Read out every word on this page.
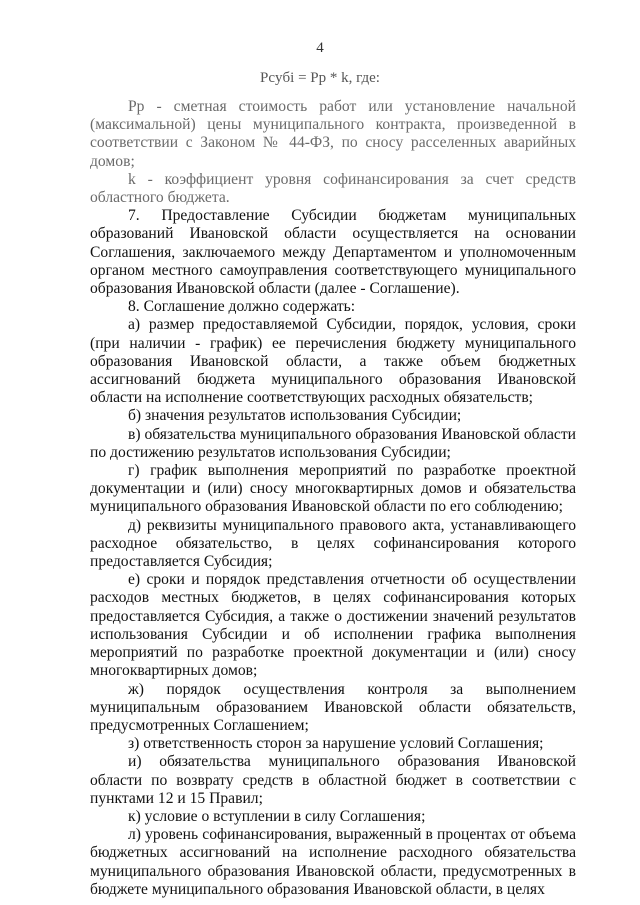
4
Pcyбi = Pp * k, где:

Pp - сметная стоимость работ или установление начальной (максимальной) цены муниципального контракта, произведенной в соответствии с Законом № 44-ФЗ, по сносу расселенных аварийных домов;

k - коэффициент уровня софинансирования за счет средств областного бюджета.

7. Предоставление Субсидии бюджетам муниципальных образований Ивановской области осуществляется на основании Соглашения, заключаемого между Департаментом и уполномоченным органом местного самоуправления соответствующего муниципального образования Ивановской области (далее - Соглашение).

8. Соглашение должно содержать:

а) размер предоставляемой Субсидии, порядок, условия, сроки (при наличии - график) ее перечисления бюджету муниципального образования Ивановской области, а также объем бюджетных ассигнований бюджета муниципального образования Ивановской области на исполнение соответствующих расходных обязательств;

б) значения результатов использования Субсидии;

в) обязательства муниципального образования Ивановской области по достижению результатов использования Субсидии;

г) график выполнения мероприятий по разработке проектной документации и (или) сносу многоквартирных домов и обязательства муниципального образования Ивановской области по его соблюдению;

д) реквизиты муниципального правового акта, устанавливающего расходное обязательство, в целях софинансирования которого предоставляется Субсидия;

е) сроки и порядок представления отчетности об осуществлении расходов местных бюджетов, в целях софинансирования которых предоставляется Субсидия, а также о достижении значений результатов использования Субсидии и об исполнении графика выполнения мероприятий по разработке проектной документации и (или) сносу многоквартирных домов;

ж) порядок осуществления контроля за выполнением муниципальным образованием Ивановской области обязательств, предусмотренных Соглашением;

з) ответственность сторон за нарушение условий Соглашения;

и) обязательства муниципального образования Ивановской области по возврату средств в областной бюджет в соответствии с пунктами 12 и 15 Правил;

к) условие о вступлении в силу Соглашения;

л) уровень софинансирования, выраженный в процентах от объема бюджетных ассигнований на исполнение расходного обязательства муниципального образования Ивановской области, предусмотренных в бюджете муниципального образования Ивановской области, в целях
